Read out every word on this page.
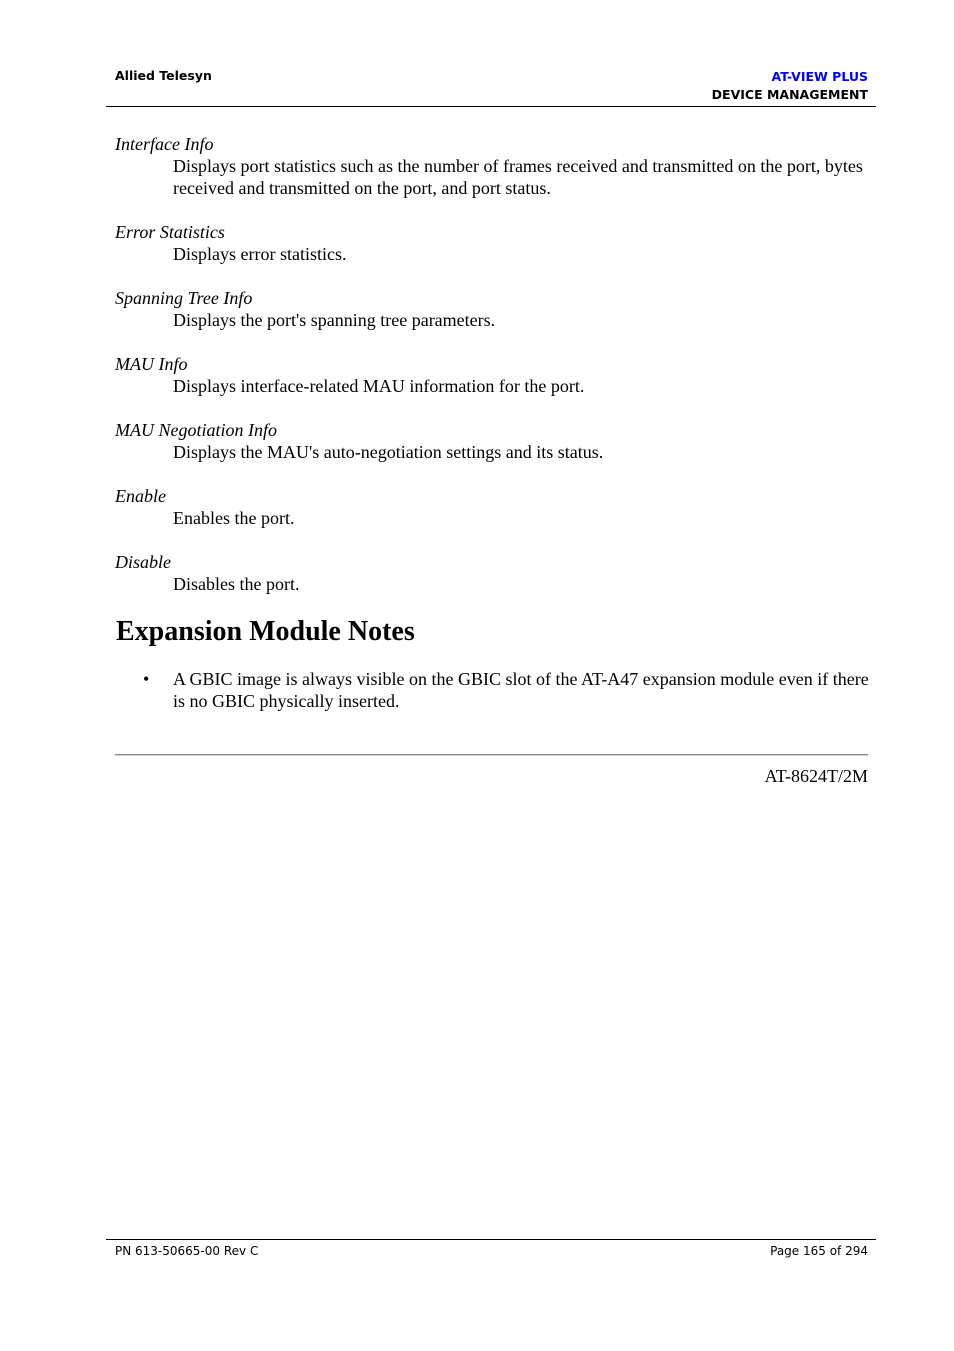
Allied Telesyn	AT-VIEW PLUS
DEVICE MANAGEMENT
Interface Info
Displays port statistics such as the number of frames received and transmitted on the port, bytes received and transmitted on the port, and port status.
Error Statistics
Displays error statistics.
Spanning Tree Info
Displays the port's spanning tree parameters.
MAU Info
Displays interface-related MAU information for the port.
MAU Negotiation Info
Displays the MAU's auto-negotiation settings and its status.
Enable
Enables the port.
Disable
Disables the port.
Expansion Module Notes
• A GBIC image is always visible on the GBIC slot of the AT-A47 expansion module even if there is no GBIC physically inserted.
AT-8624T/2M
PN 613-50665-00 Rev C	Page 165 of 294
